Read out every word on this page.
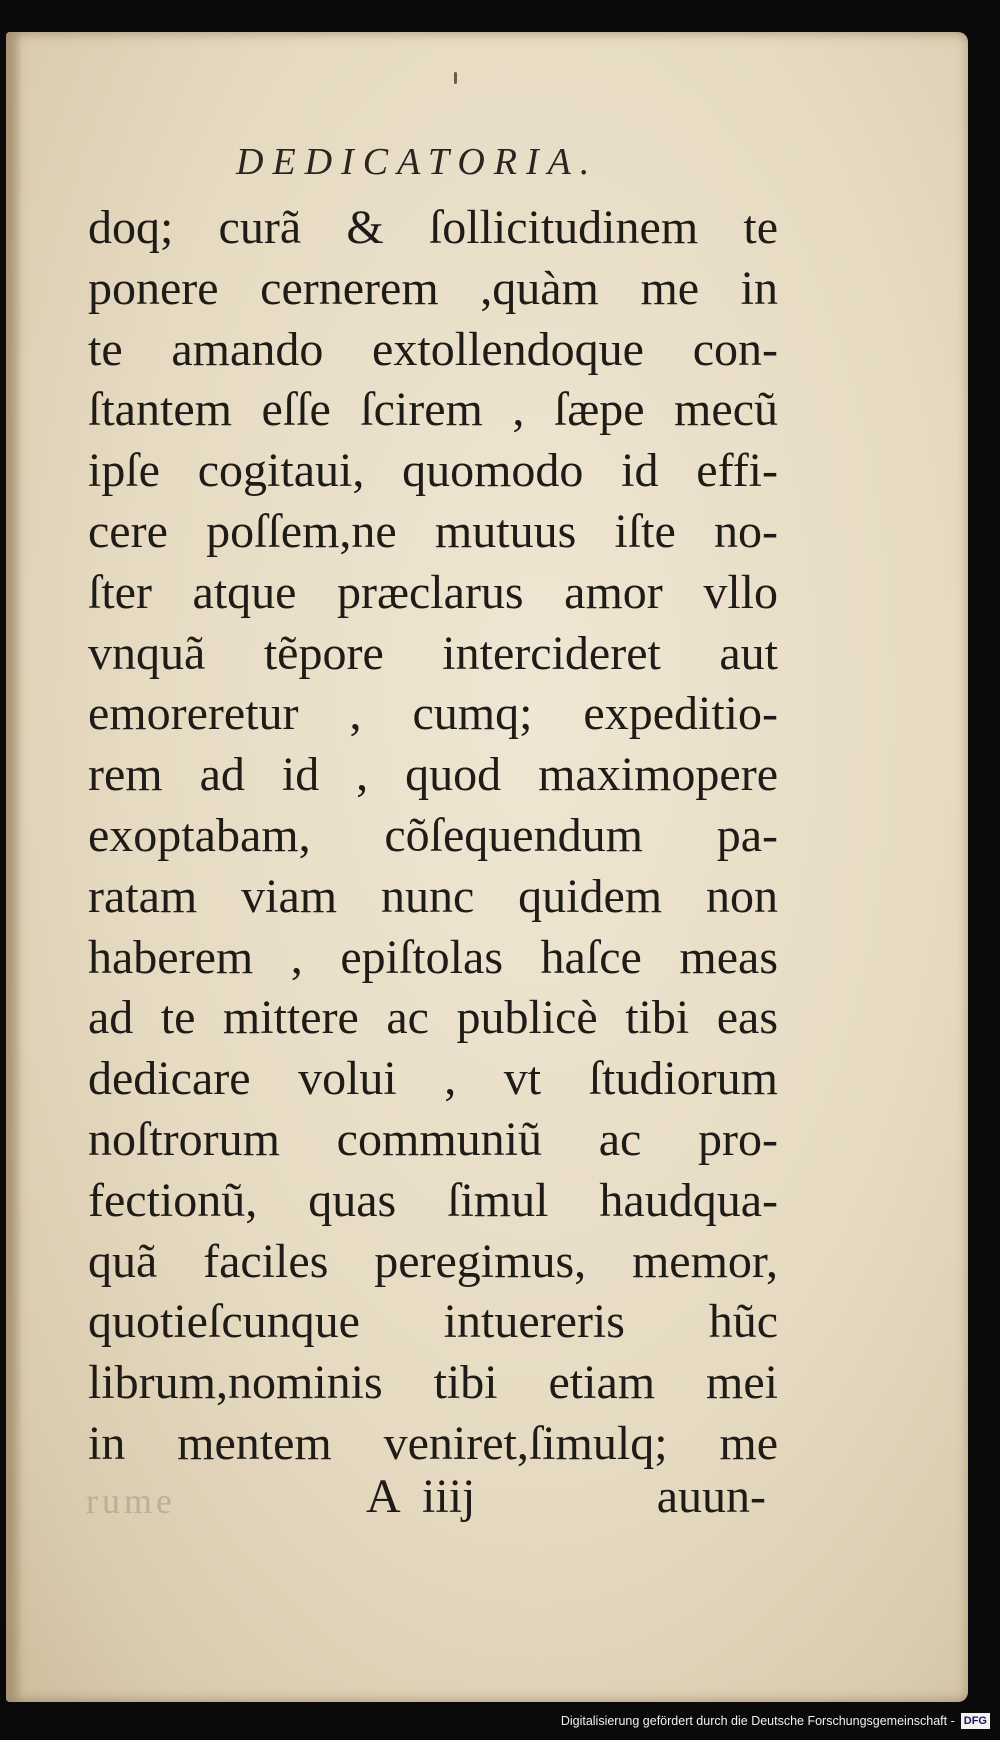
DEDICATORIA.
doq; curã & ſollicitudinem te
ponere cernerem ,quàm me in
te amando extollendoque con-
ſtantem eſſe ſcirem , ſæpe mecũ
ipſe cogitaui, quomodo id effi-
cere poſſem,ne mutuus iſte no-
ſter atque præclarus amor vllo
vnquã tẽpore intercideret aut
emoreretur , cumq; expeditio-
rem ad id , quod maximopere
exoptabam, cõſequendum pa-
ratam viam nunc quidem non
haberem , epiſtolas haſce meas
ad te mittere ac publicè tibi eas
dedicare volui , vt ſtudiorum
noſtrorum communiũ ac pro-
fectionũ, quas ſimul haudqua-
quã faciles peregimus, memor,
quotieſcunque intuereris hũc
librum,nominis tibi etiam mei
in mentem veniret,ſimulq; me
rume	A  iiij	auun-
Digitalisierung gefördert durch die Deutsche Forschungsgemeinschaft - DFG
